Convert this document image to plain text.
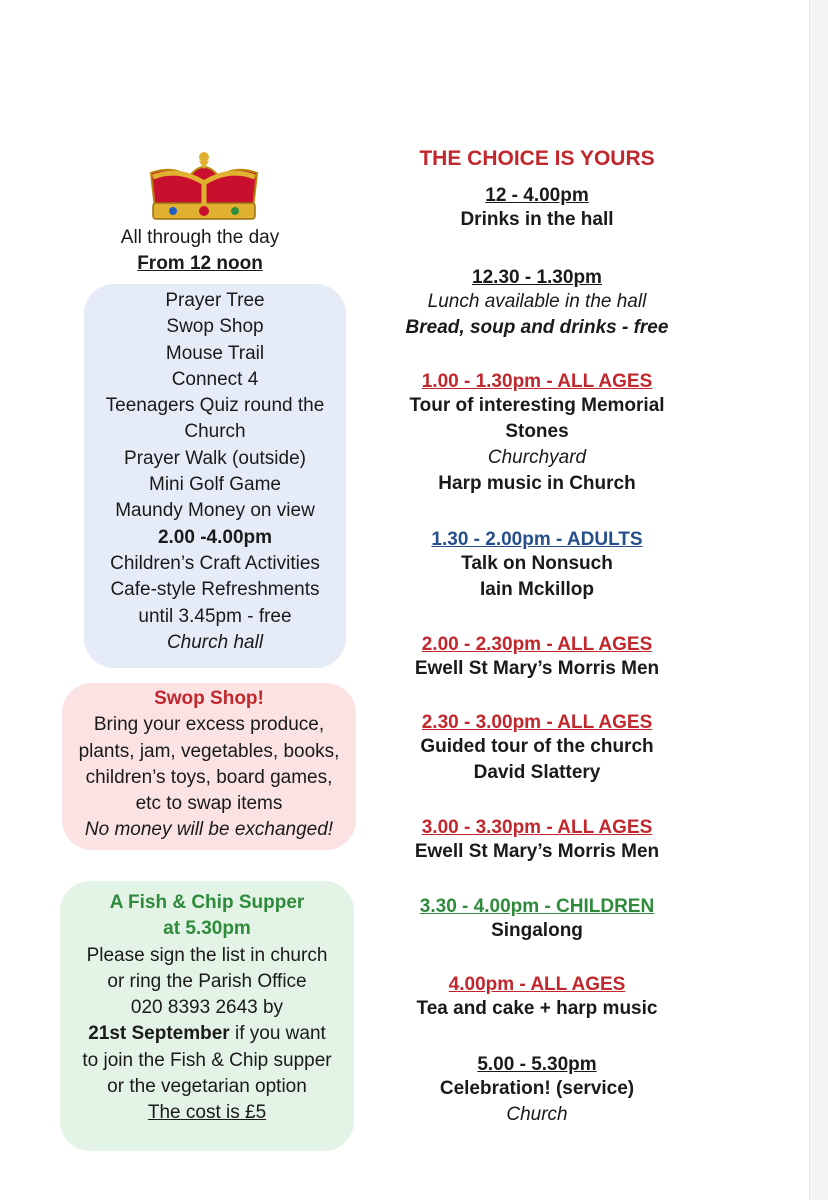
All through the day
From 12 noon
Prayer Tree
Swop Shop
Mouse Trail
Connect 4
Teenagers Quiz round the
Church
Prayer Walk (outside)
Mini Golf Game
Maundy Money on view
2.00 -4.00pm
Children’s Craft Activities
Cafe-style Refreshments
until 3.45pm - free
Church hall
Swop Shop!
Bring your excess produce,
plants, jam, vegetables, books,
children’s toys, board games,
etc to swap items
No money will be exchanged!
A Fish & Chip Supper
at 5.30pm
Please sign the list in church
or ring the Parish Office
020 8393 2643 by
21st September if you want
to join the Fish & Chip supper
or the vegetarian option
The cost is £5
THE CHOICE IS YOURS
12 - 4.00pm
Drinks in the hall
12.30 - 1.30pm
Lunch available in the hall
Bread, soup and drinks - free
1.00 - 1.30pm - ALL AGES
Tour of interesting Memorial
Stones
Churchyard
Harp music in Church
1.30 - 2.00pm - ADULTS
Talk on Nonsuch
Iain Mckillop
2.00 - 2.30pm - ALL AGES
Ewell St Mary’s Morris Men
2.30 - 3.00pm - ALL AGES
Guided tour of the church
David Slattery
3.00 - 3.30pm - ALL AGES
Ewell St Mary’s Morris Men
3.30 - 4.00pm - CHILDREN
Singalong
4.00pm - ALL AGES
Tea and cake + harp music
5.00 - 5.30pm
Celebration! (service)
Church
